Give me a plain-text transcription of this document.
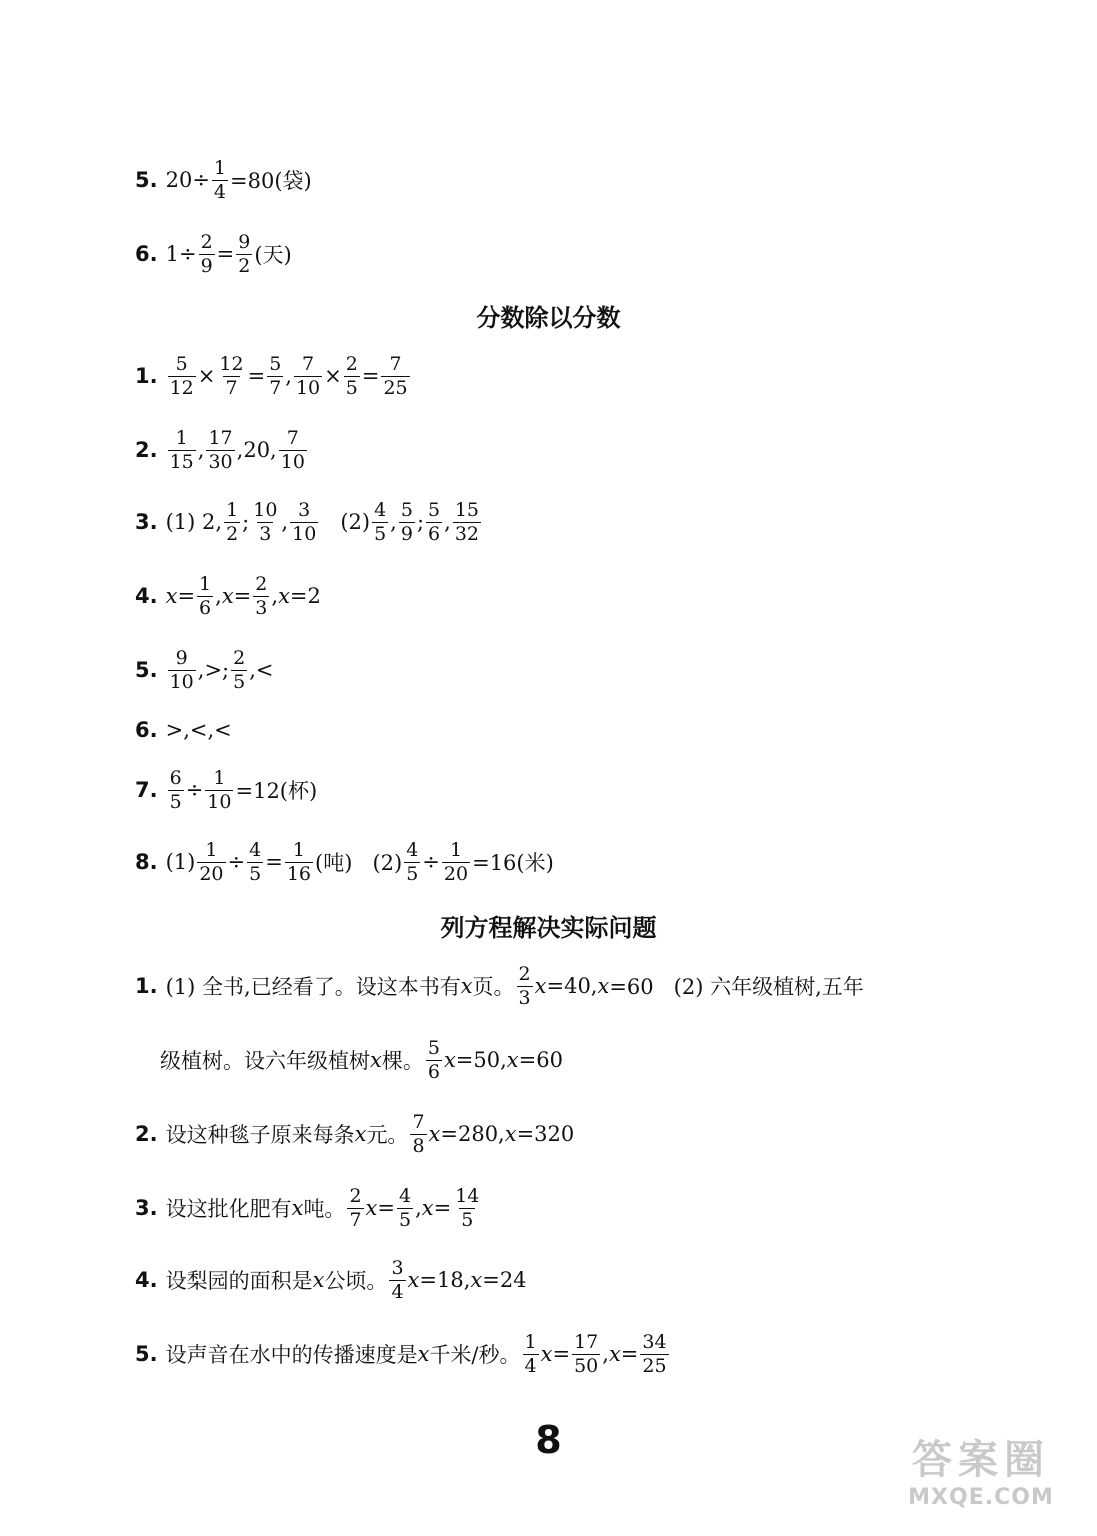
5. $20\div \frac{1}{4} =80$(袋)
6. $1\div \frac{2}{9} = \frac{9}{2}$ (天)
分数除以分数
1. $\frac{5}{12} \times \frac{12}{7} = \frac{5}{7}$ , $\frac{7}{10} \times \frac{2}{5} = \frac{7}{25}$
2. $\frac{1}{15}$ , $\frac{17}{30} ,20$, $\frac{7}{10}$
3. (1) 2, $\frac{1}{2}$ ; $\frac{10}{3}$ , $\frac{3}{10} (2) \frac{4}{5}$ , $\frac{5}{9}$ ; $\frac{5}{6}$ , $\frac{15}{32}$
4. $x = \frac{1}{6}$ , $x = \frac{2}{3}$ , x =2
5. $\frac{9}{10}$ ,>; $\frac{2}{5}$ ,<
6. >,<,<
7. $\frac{6}{5} \div \frac{1}{10} =12$(杯)
8. $(1) \frac{1}{20} \div \frac{4}{5} = \frac{1}{16}$ (吨)   $(2) \frac{4}{5} \div \frac{1}{20} =16$(米)
列方程解决实际问题
1. (1) 全书,已经看了。设这本书有 x 页。 $\frac{2}{3}$ x =40, x =60   (2) 六年级植树,五年
级植树。设六年级植树 x 棵。 $\frac{5}{6}$ x =50, x =60
2. 设这种毯子原来每条 x 元。 $\frac{7}{8}$ x =280, x =320
3. 设这批化肥有 x 吨。 $\frac{2}{7}$ $x = \frac{4}{5}$ , $x = \frac{14}{5}$
4. 设梨园的面积是 x 公顷。 $\frac{3}{4}$ x =18, x =24
5. 设声音在水中的传播速度是 x 千米/秒。 $\frac{1}{4}$ $x = \frac{17}{50}$ , $x = \frac{34}{25}$
8	答案圈
MXQE.COM
